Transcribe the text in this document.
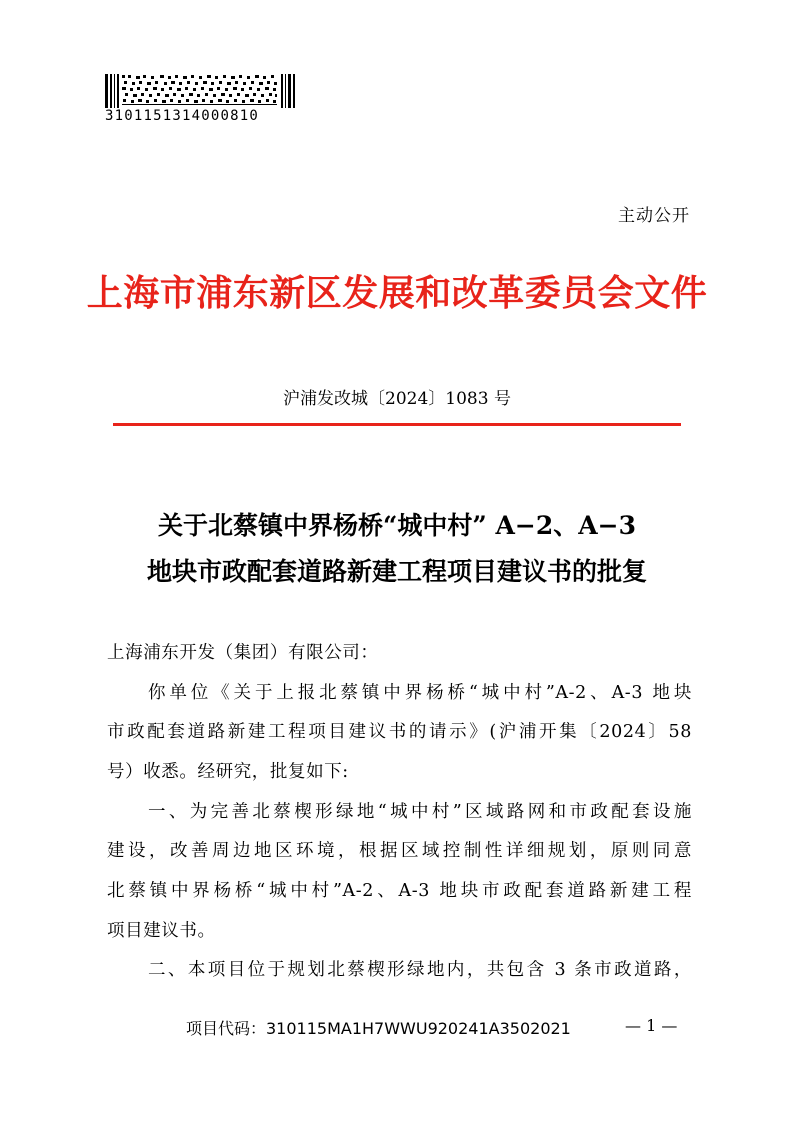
3101151314000810
主动公开
上海市浦东新区发展和改革委员会文件
沪浦发改城〔2024〕1083 号
关于北蔡镇中界杨桥“城中村” A−2、A−3
地块市政配套道路新建工程项目建议书的批复
上海浦东开发（集团）有限公司：
你单位《关于上报北蔡镇中界杨桥“城中村”A-2、A-3 地块
市政配套道路新建工程项目建议书的请示》(沪浦开集〔2024〕58
号）收悉。经研究，批复如下:
一、为完善北蔡楔形绿地“城中村”区域路网和市政配套设施
建设，改善周边地区环境，根据区域控制性详细规划，原则同意
北蔡镇中界杨桥“城中村”A-2、A-3 地块市政配套道路新建工程
项目建议书。
二、本项目位于规划北蔡楔形绿地内，共包含 3 条市政道路，
项目代码：310115MA1H7WWU920241A3502021	— 1 —
